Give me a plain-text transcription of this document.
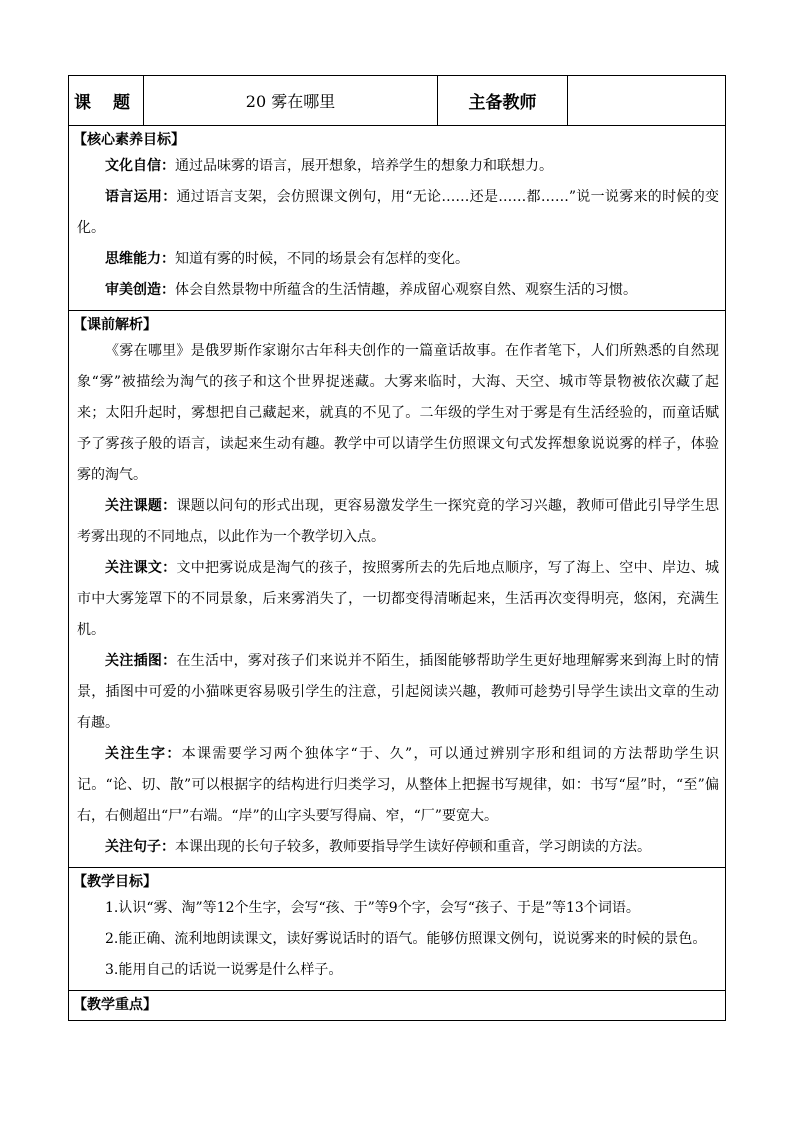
课 题	20 雾在哪里	主备教师
【核心素养目标】

文化自信：通过品味雾的语言，展开想象，培养学生的想象力和联想力。

语言运用：通过语言支架，会仿照课文例句，用“无论……还是……都……”说一说雾来的时候的变化。

思维能力：知道有雾的时候，不同的场景会有怎样的变化。

审美创造：体会自然景物中所蕴含的生活情趣，养成留心观察自然、观察生活的习惯。

【课前解析】

《雾在哪里》是俄罗斯作家谢尔古年科夫创作的一篇童话故事。在作者笔下，人们所熟悉的自然现象“雾”被描绘为淘气的孩子和这个世界捉迷藏。大雾来临时，大海、天空、城市等景物被依次藏了起来；太阳升起时，雾想把自己藏起来，就真的不见了。二年级的学生对于雾是有生活经验的，而童话赋予了雾孩子般的语言，读起来生动有趣。教学中可以请学生仿照课文句式发挥想象说说雾的样子，体验雾的淘气。

关注课题：课题以问句的形式出现，更容易激发学生一探究竟的学习兴趣，教师可借此引导学生思考雾出现的不同地点，以此作为一个教学切入点。

关注课文：文中把雾说成是淘气的孩子，按照雾所去的先后地点顺序，写了海上、空中、岸边、城市中大雾笼罩下的不同景象，后来雾消失了，一切都变得清晰起来，生活再次变得明亮，悠闲，充满生机。

关注插图：在生活中，雾对孩子们来说并不陌生，插图能够帮助学生更好地理解雾来到海上时的情景，插图中可爱的小猫咪更容易吸引学生的注意，引起阅读兴趣，教师可趁势引导学生读出文章的生动有趣。

关注生字：本课需要学习两个独体字“于、久”，可以通过辨别字形和组词的方法帮助学生识记。“论、切、散”可以根据字的结构进行归类学习，从整体上把握书写规律，如：书写“屋”时，“至”偏右，右侧超出“尸”右端。“岸”的山字头要写得扁、窄，“厂”要宽大。

关注句子：本课出现的长句子较多，教师要指导学生读好停顿和重音，学习朗读的方法。

【教学目标】

1.认识“雾、淘”等12个生字，会写“孩、于”等9个字，会写“孩子、于是”等13个词语。

2.能正确、流利地朗读课文，读好雾说话时的语气。能够仿照课文例句，说说雾来的时候的景色。

3.能用自己的话说一说雾是什么样子。

【教学重点】
